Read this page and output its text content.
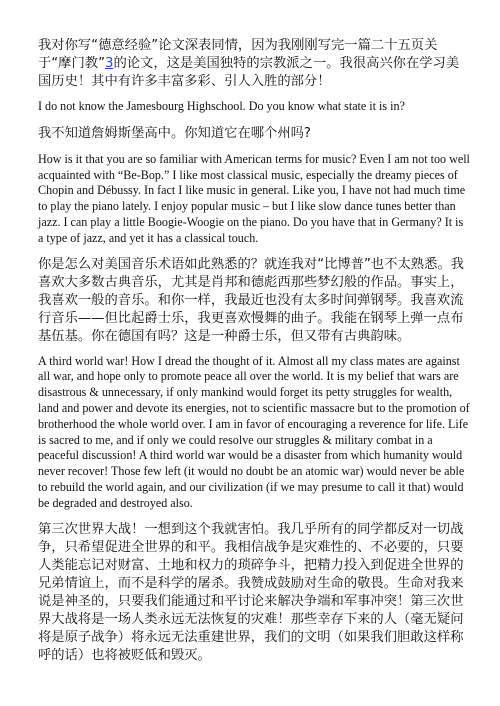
我对你写“德意经验”论文深表同情，因为我刚刚写完一篇二十五页关于“摩门教”3的论文，这是美国独特的宗教派之一。我很高兴你在学习美国历史！其中有许多丰富多彩、引人入胜的部分！

I do not know the Jamesbourg Highschool. Do you know what state it is in?

我不知道詹姆斯堡高中。你知道它在哪个州吗?

How is it that you are so familiar with American terms for music? Even I am not too well acquainted with “Be-Bop.” I like most classical music, especially the dreamy pieces of Chopin and Débussy. In fact I like music in general. Like you, I have not had much time to play the piano lately. I enjoy popular music – but I like slow dance tunes better than jazz. I can play a little Boogie-Woogie on the piano. Do you have that in Germany? It is a type of jazz, and yet it has a classical touch.

你是怎么对美国音乐术语如此熟悉的？就连我对“比博普”也不太熟悉。我喜欢大多数古典音乐，尤其是肖邦和德彪西那些梦幻般的作品。事实上，我喜欢一般的音乐。和你一样，我最近也没有太多时间弹钢琴。我喜欢流行音乐——但比起爵士乐，我更喜欢慢舞的曲子。我能在钢琴上弹一点布基伍基。你在德国有吗？这是一种爵士乐，但又带有古典韵味。

A third world war! How I dread the thought of it. Almost all my class mates are against all war, and hope only to promote peace all over the world. It is my belief that wars are disastrous & unnecessary, if only mankind would forget its petty struggles for wealth, land and power and devote its energies, not to scientific massacre but to the promotion of brotherhood the whole world over. I am in favor of encouraging a reverence for life. Life is sacred to me, and if only we could resolve our struggles & military combat in a peaceful discussion! A third world war would be a disaster from which humanity would never recover! Those few left (it would no doubt be an atomic war) would never be able to rebuild the world again, and our civilization (if we may presume to call it that) would be degraded and destroyed also.

第三次世界大战！一想到这个我就害怕。我几乎所有的同学都反对一切战争，只希望促进全世界的和平。我相信战争是灾难性的、不必要的，只要人类能忘记对财富、土地和权力的琐碎争斗，把精力投入到促进全世界的兄弟情谊上，而不是科学的屠杀。我赞成鼓励对生命的敬畏。生命对我来说是神圣的，只要我们能通过和平讨论来解决争端和军事冲突！第三次世界大战将是一场人类永远无法恢复的灾难！那些幸存下来的人（毫无疑问将是原子战争）将永远无法重建世界，我们的文明（如果我们胆敢这样称呼的话）也将被贬低和毁灭。
